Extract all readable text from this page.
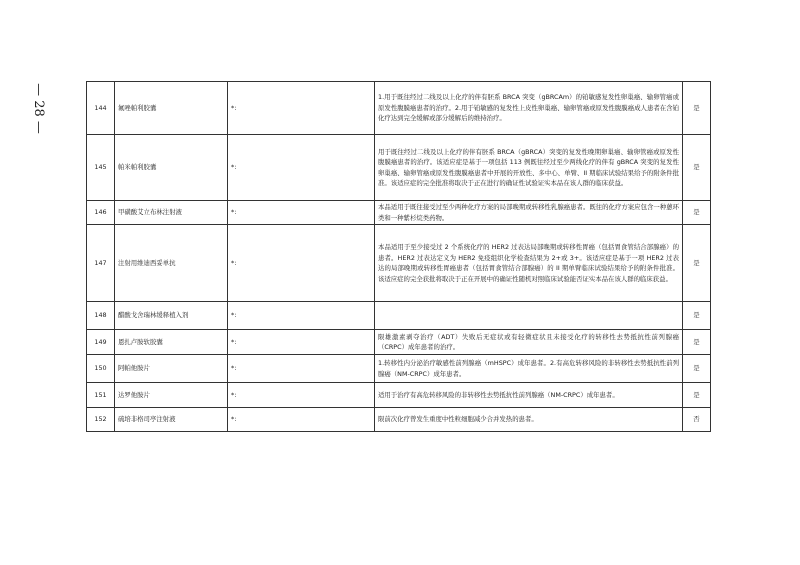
— 28 —	144	氟唑帕利胶囊	*:	1.用于既往经过二线及以上化疗的伴有胚系 BRCA 突变（gBRCAm）的铂敏感复发性卵巢癌、输卵管癌或原发性腹膜癌患者的治疗。2.用于铂敏感的复发性上皮性卵巢癌、输卵管癌或原发性腹膜癌成人患者在含铂化疗达到完全缓解或部分缓解后的维持治疗。	是
145	帕米帕利胶囊	*:	用于既往经过二线及以上化疗的伴有胚系 BRCA（gBRCA）突变的复发性晚期卵巢癌、输卵管癌或原发性腹膜癌患者的治疗。该适应症是基于一项包括 113 例既往经过至少两线化疗的伴有 gBRCA 突变的复发性卵巢癌、输卵管癌或原发性腹膜癌患者中开展的开放性、多中心、单臂、II 期临床试验结果给予的附条件批准。该适应症的完全批准将取决于正在进行的确证性试验证实本品在该人群的临床获益。	是
146	甲磺酸艾立布林注射液	*:	本品适用于既往接受过至少两种化疗方案的局部晚期或转移性乳腺癌患者。既往的化疗方案应包含一种蒽环类和一种紫杉烷类药物。	是
147	注射用维迪西妥单抗	*:	本品适用于至少接受过 2 个系统化疗的 HER2 过表达局部晚期或转移性胃癌（包括胃食管结合部腺癌）的患者。HER2 过表达定义为 HER2 免疫组织化学检查结果为 2+或 3+。该适应症是基于一项 HER2 过表达的局部晚期或转移性胃癌患者（包括胃食管结合部腺癌）的 II 期单臂临床试验结果给予的附条件批准。该适应症的完全获批将取决于正在开展中的确证性随机对照临床试验能否证实本品在该人群的临床获益。	是
148	醋酸戈舍瑞林缓释植入剂	*:		是
149	恩扎卢胺软胶囊	*:	限雄激素剥夺治疗（ADT）失败后无症状或有轻微症状且未接受化疗的转移性去势抵抗性前列腺癌（CRPC）成年患者的治疗。	是
150	阿帕他胺片	*:	1.转移性内分泌治疗敏感性前列腺癌（mHSPC）成年患者。2.有高危转移风险的非转移性去势抵抗性前列腺癌（NM-CRPC）成年患者。	是
151	达罗他胺片	*:	适用于治疗有高危转移风险的非转移性去势抵抗性前列腺癌（NM-CRPC）成年患者。	是
152	硫培非格司亭注射液	*:	限前次化疗曾发生重度中性粒细胞减少合并发热的患者。	否
